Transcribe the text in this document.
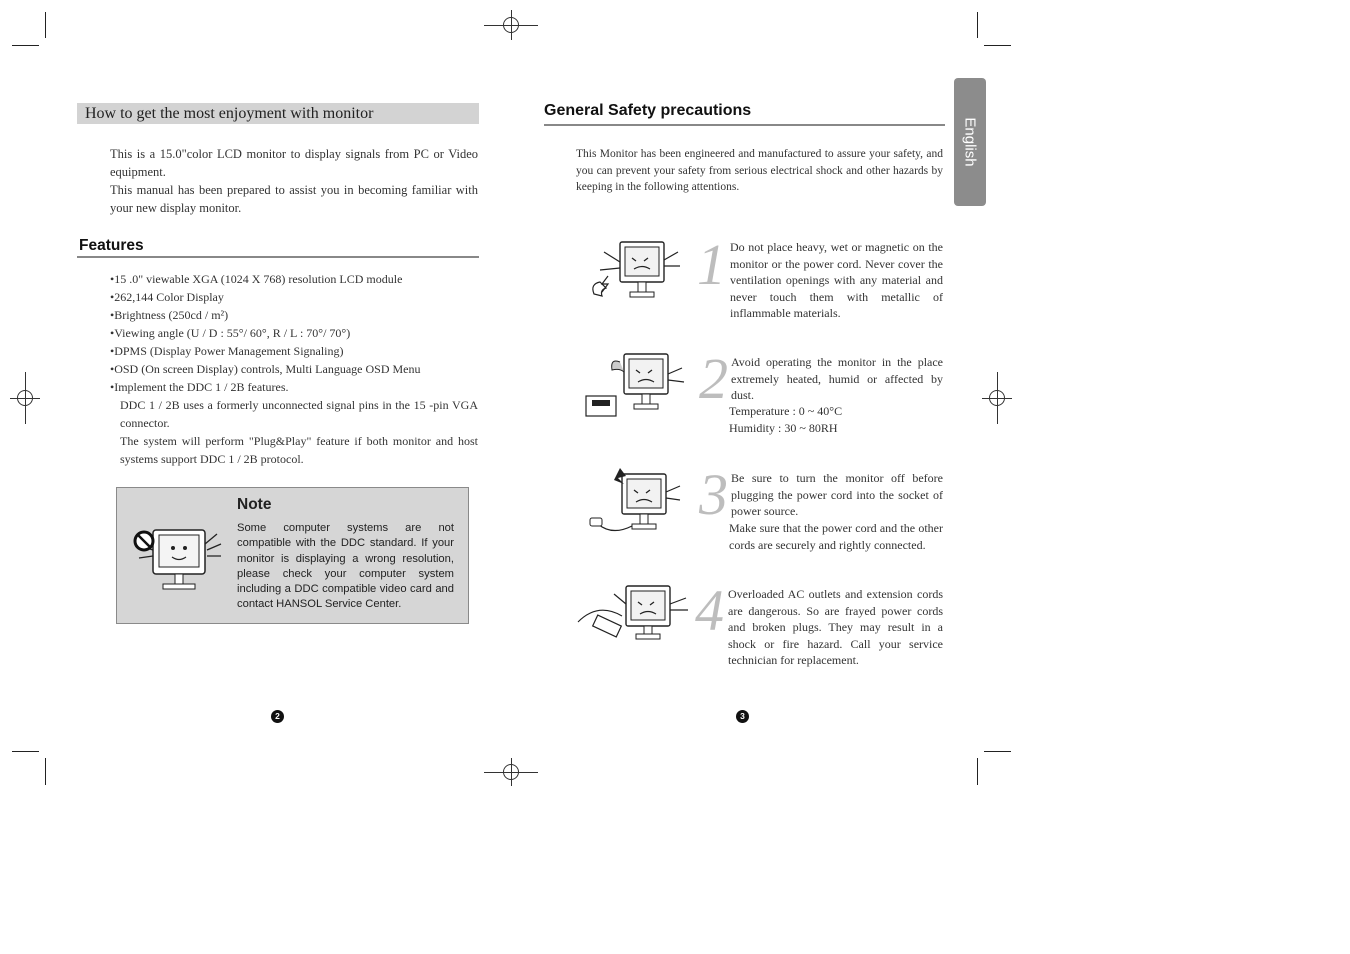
How to get the most enjoyment with monitor
This is a 15.0"color LCD monitor to display signals from PC or Video equipment.
This manual has been prepared to assist you in becoming familiar with your new display monitor.
Features
•15 .0" viewable XGA (1024 X 768) resolution LCD module
•262,144 Color Display
•Brightness (250cd / m²)
•Viewing angle (U / D : 55°/ 60°, R / L : 70°/ 70°)
•DPMS (Display Power Management Signaling)
•OSD (On screen Display) controls, Multi Language OSD Menu
•Implement the DDC 1 / 2B features.
DDC 1 / 2B uses a formerly unconnected signal pins in the 15 -pin VGA connector.
The system will perform "Plug&Play" feature if both monitor and host systems support DDC 1 / 2B protocol.
Note
Some computer systems are not compatible with the DDC standard. If your monitor is displaying a wrong resolution, please check your computer system including a DDC compatible video card and contact HANSOL Service Center.
2
General Safety precautions
English
This Monitor has been engineered and manufactured to assure your safety, and you can prevent your safety from serious electrical shock and other hazards by keeping in the following attentions.
1 Do not place heavy, wet or magnetic on the monitor or the power cord. Never cover the ventilation openings with any material and never touch them with metallic of inflammable materials.
2 Avoid operating the monitor in the place extremely heated, humid or affected by dust.
Temperature : 0 ~ 40°C
Humidity : 30 ~ 80RH
3 Be sure to turn the monitor off before plugging the power cord into the socket of power source.
Make sure that the power cord and the other cords are securely and rightly connected.
4 Overloaded AC outlets and extension cords are dangerous. So are frayed power cords and broken plugs. They may result in a shock or fire hazard. Call your service technician for replacement.
3
